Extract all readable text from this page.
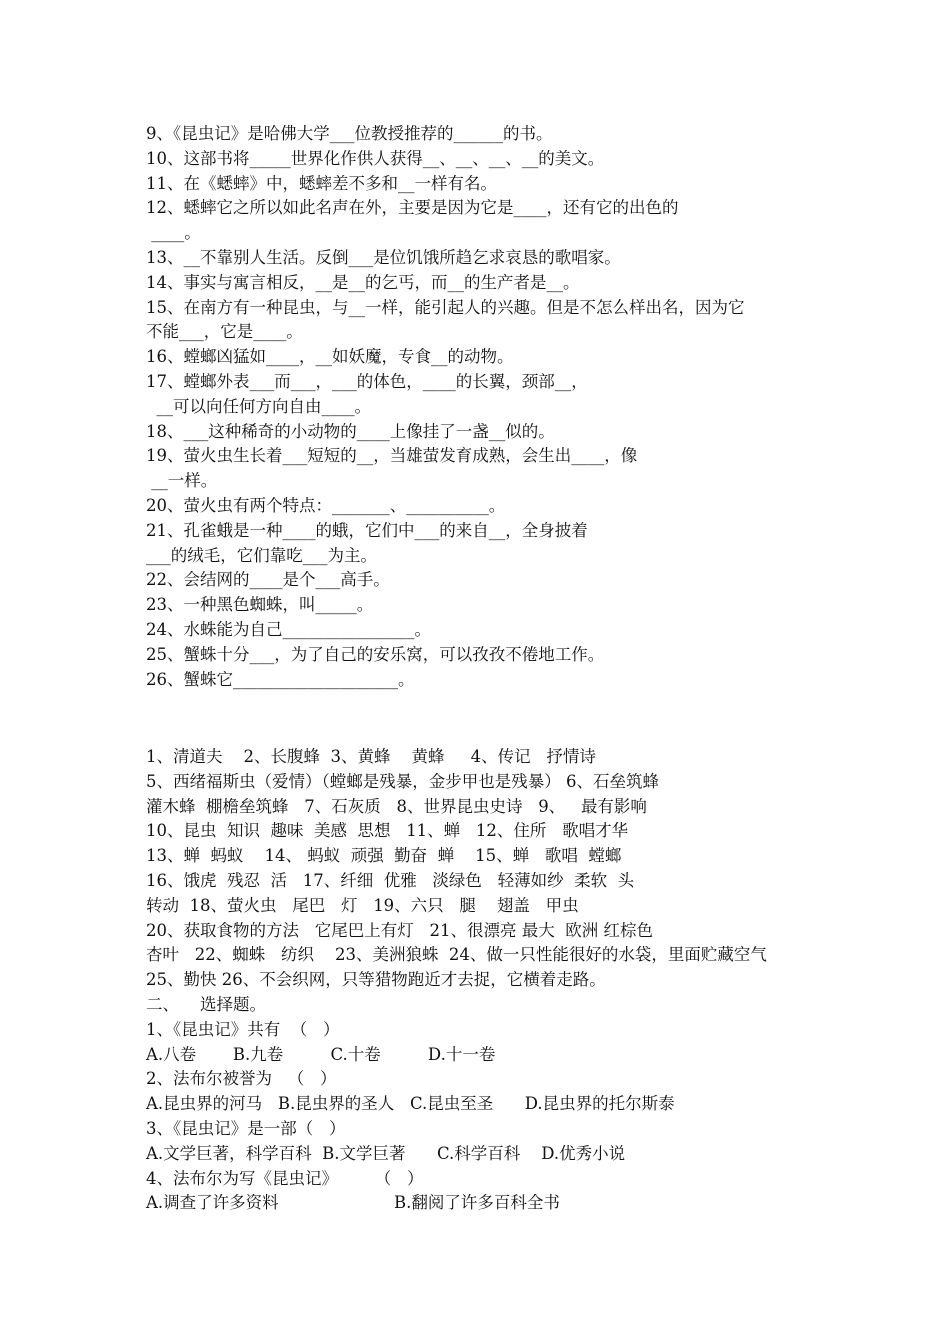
9、《昆虫记》是哈佛大学___位教授推荐的______的书。
10、这部书将_____世界化作供人获得__、__、__、__的美文。
11、在《蟋蟀》中，蟋蟀差不多和__一样有名。
12、蟋蟀它之所以如此名声在外，主要是因为它是____，还有它的出色的
____。
13、__不靠别人生活。反倒___是位饥饿所趋乞求哀恳的歌唱家。
14、事实与寓言相反，__是__的乞丐，而__的生产者是__。
15、在南方有一种昆虫，与__一样，能引起人的兴趣。但是不怎么样出名，因为它
不能___，它是____。
16、螳螂凶猛如____，__如妖魔，专食__的动物。
17、螳螂外表___而___，___的体色，____的长翼，颈部__，
__可以向任何方向自由____。
18、___这种稀奇的小动物的____上像挂了一盏__似的。
19、萤火虫生长着___短短的__，当雄萤发育成熟，会生出____，像
__一样。
20、萤火虫有两个特点：_______、__________。
21、孔雀蛾是一种____的蛾，它们中___的来自__，全身披着
___的绒毛，它们靠吃___为主。
22、会结网的____是个___高手。
23、一种黑色蜘蛛，叫_____。
24、水蛛能为自己________________。
25、蟹蛛十分___，为了自己的安乐窝，可以孜孜不倦地工作。
26、蟹蛛它____________________。
1、清道夫    2、长腹蜂  3、黄蜂    黄蜂     4、传记   抒情诗
5、西绪福斯虫（爱情）（螳螂是残暴，金步甲也是残暴） 6、石垒筑蜂
灌木蜂  棚檐垒筑蜂   7、石灰质   8、世界昆虫史诗   9、   最有影响
10、昆虫  知识  趣味  美感  思想   11、蝉   12、住所   歌唱才华
13、蝉  蚂蚁    14、 蚂蚁  顽强  勤奋  蝉    15、蝉   歌唱  螳螂
16、饿虎  残忍  活   17、纤细  优雅   淡绿色   轻薄如纱  柔软  头
转动  18、萤火虫   尾巴   灯   19、六只   腿    翅盖   甲虫
20、获取食物的方法   它尾巴上有灯   21、很漂亮 最大  欧洲 红棕色
杏叶   22、蜘蛛   纺织    23、美洲狼蛛  24、做一只性能很好的水袋，里面贮藏空气
25、勤快 26、不会织网，只等猎物跑近才去捉，它横着走路。
二、    选择题。
1、《昆虫记》共有  （   ）
A.八卷       B.九卷         C.十卷         D.十一卷
2、法布尔被誉为   （   ）
A.昆虫界的河马   B.昆虫界的圣人   C.昆虫至圣      D.昆虫界的托尔斯泰
3、《昆虫记》是一部（   ）
A.文学巨著，科学百科  B.文学巨著      C.科学百科    D.优秀小说
4、法布尔为写《昆虫记》       （   ）
A.调查了许多资料                      B.翻阅了许多百科全书
